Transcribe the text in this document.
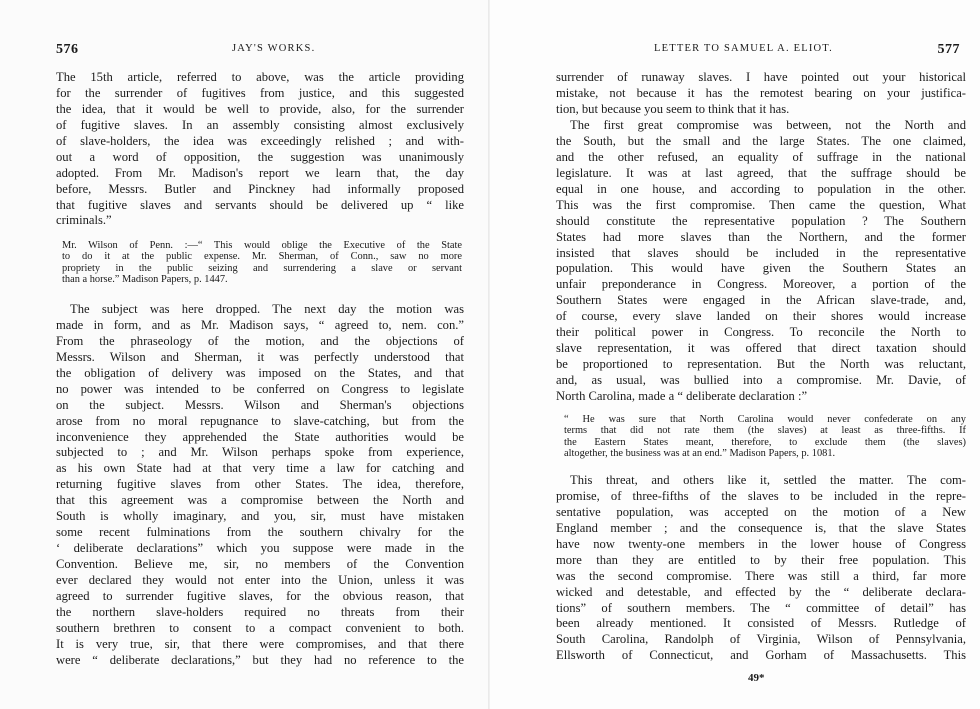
576	JAY'S WORKS.
The 15th article, referred to above, was the article providing
for the surrender of fugitives from justice, and this suggested
the idea, that it would be well to provide, also, for the surrender
of fugitive slaves. In an assembly consisting almost exclusively
of slave-holders, the idea was exceedingly relished ; and with-
out a word of opposition, the suggestion was unanimously
adopted. From Mr. Madison's report we learn that, the day
before, Messrs. Butler and Pinckney had informally proposed
that fugitive slaves and servants should be delivered up “ like
criminals.”
Mr. Wilson of Penn. :—“ This would oblige the Executive of the State
to do it at the public expense. Mr. Sherman, of Conn., saw no more
propriety in the public seizing and surrendering a slave or servant
than a horse.” Madison Papers, p. 1447.
The subject was here dropped. The next day the motion was
made in form, and as Mr. Madison says, “ agreed to, nem. con.”
From the phraseology of the motion, and the objections of
Messrs. Wilson and Sherman, it was perfectly understood that
the obligation of delivery was imposed on the States, and that
no power was intended to be conferred on Congress to legislate
on the subject. Messrs. Wilson and Sherman's objections
arose from no moral repugnance to slave-catching, but from the
inconvenience they apprehended the State authorities would be
subjected to ; and Mr. Wilson perhaps spoke from experience,
as his own State had at that very time a law for catching and
returning fugitive slaves from other States. The idea, therefore,
that this agreement was a compromise between the North and
South is wholly imaginary, and you, sir, must have mistaken
some recent fulminations from the southern chivalry for the
‘ deliberate declarations” which you suppose were made in the
Convention. Believe me, sir, no members of the Convention
ever declared they would not enter into the Union, unless it was
agreed to surrender fugitive slaves, for the obvious reason, that
the northern slave-holders required no threats from their
southern brethren to consent to a compact convenient to both.
It is very true, sir, that there were compromises, and that there
were “ deliberate declarations,” but they had no reference to the
LETTER TO SAMUEL A. ELIOT.	577
surrender of runaway slaves. I have pointed out your historical
mistake, not because it has the remotest bearing on your justifica-
tion, but because you seem to think that it has.
The first great compromise was between, not the North and
the South, but the small and the large States. The one claimed,
and the other refused, an equality of suffrage in the national
legislature. It was at last agreed, that the suffrage should be
equal in one house, and according to population in the other.
This was the first compromise. Then came the question, What
should constitute the representative population ? The Southern
States had more slaves than the Northern, and the former
insisted that slaves should be included in the representative
population. This would have given the Southern States an
unfair preponderance in Congress. Moreover, a portion of the
Southern States were engaged in the African slave-trade, and,
of course, every slave landed on their shores would increase
their political power in Congress. To reconcile the North to
slave representation, it was offered that direct taxation should
be proportioned to representation. But the North was reluctant,
and, as usual, was bullied into a compromise. Mr. Davie, of
North Carolina, made a “ deliberate declaration :”
“ He was sure that North Carolina would never confederate on any
terms that did not rate them (the slaves) at least as three-fifths. If
the Eastern States meant, therefore, to exclude them (the slaves)
altogether, the business was at an end.” Madison Papers, p. 1081.
This threat, and others like it, settled the matter. The com-
promise, of three-fifths of the slaves to be included in the repre-
sentative population, was accepted on the motion of a New
England member ; and the consequence is, that the slave States
have now twenty-one members in the lower house of Congress
more than they are entitled to by their free population. This
was the second compromise. There was still a third, far more
wicked and detestable, and effected by the “ deliberate declara-
tions” of southern members. The “ committee of detail” has
been already mentioned. It consisted of Messrs. Rutledge of
South Carolina, Randolph of Virginia, Wilson of Pennsylvania,
Ellsworth of Connecticut, and Gorham of Massachusetts. This
49*
